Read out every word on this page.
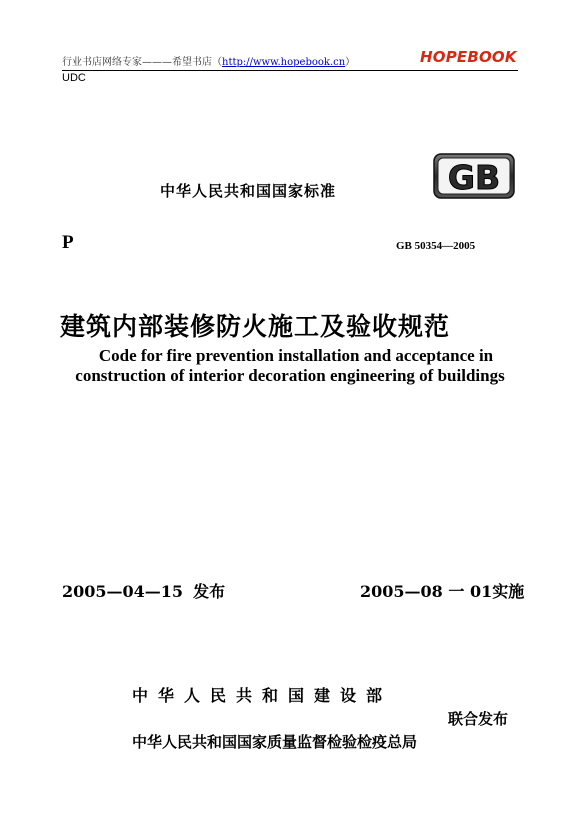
行业书店网络专家———希望书店（http://www.hopebook.cn）	HOPEBOOK
UDC
中华人民共和国国家标准	GB
P	GB 50354—2005
建筑内部装修防火施工及验收规范
Code for fire prevention installation and acceptance in
construction of interior decoration engineering of buildings
2005—04—15 发布	2005—08 一 01实施
中华人民共和国建设部
联合发布
中华人民共和国国家质量监督检验检疫总局
